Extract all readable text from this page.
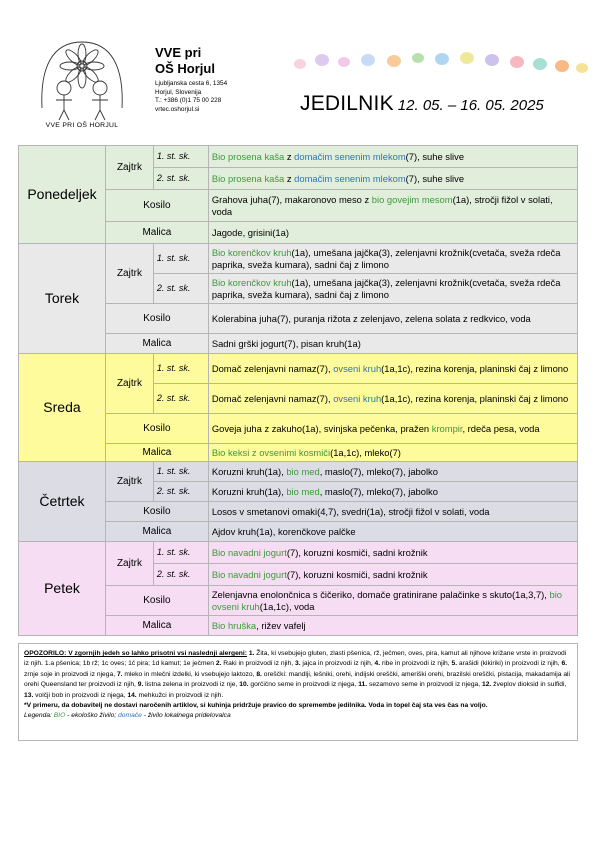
VVE PRI OŠ HORJUL
VVE pri
OŠ Horjul
Ljubljanska cesta 6, 1354
Horjul, Slovenija
T.: +386 (0)1 75 00 228
vrtec.oshorjul.si	JEDILNIK 12. 05. – 16. 05. 2025
Ponedeljek	Zajtrk	1. st. sk.	Bio prosena kaša z domačim senenim mlekom(7), suhe slive
		2. st. sk.	Bio prosena kaša z domačim senenim mlekom(7), suhe slive
	Kosilo		Grahova juha(7), makaronovo meso z bio govejim mesom(1a), stročji fižol v solati, voda
	Malica		Jagode, grisini(1a)
Torek	Zajtrk	1. st. sk.	Bio korenčkov kruh(1a), umešana jajčka(3), zelenjavni krožnik(cvetača, sveža rdeča paprika, sveža kumara), sadni čaj z limono
		2. st. sk.	Bio korenčkov kruh(1a), umešana jajčka(3), zelenjavni krožnik(cvetača, sveža rdeča paprika, sveža kumara), sadni čaj z limono
	Kosilo		Kolerabina juha(7), puranja rižota z zelenjavo, zelena solata z redkvico, voda
	Malica		Sadni grški jogurt(7), pisan kruh(1a)
Sreda	Zajtrk	1. st. sk.	Domač zelenjavni namaz(7), ovseni kruh(1a,1c), rezina korenja, planinski čaj z limono
		2. st. sk.	Domač zelenjavni namaz(7), ovseni kruh(1a,1c), rezina korenja, planinski čaj z limono
	Kosilo		Goveja juha z zakuho(1a), svinjska pečenka, pražen krompir, rdeča pesa, voda
	Malica		Bio keksi z ovsenimi kosmiči(1a,1c), mleko(7)
Četrtek	Zajtrk	1. st. sk.	Koruzni kruh(1a), bio med, maslo(7), mleko(7), jabolko
		2. st. sk.	Koruzni kruh(1a), bio med, maslo(7), mleko(7), jabolko
	Kosilo		Losos v smetanovi omaki(4,7), svedri(1a), stročji fižol v solati, voda
	Malica		Ajdov kruh(1a), korenčkove palčke
Petek	Zajtrk	1. st. sk.	Bio navadni jogurt(7), koruzni kosmiči, sadni krožnik
		2. st. sk.	Bio navadni jogurt(7), koruzni kosmiči, sadni krožnik
	Kosilo		Zelenjavna enolončnica s čičeriko, domače gratinirane palačinke s skuto(1a,3,7), bio ovseni kruh(1a,1c), voda
	Malica		Bio hruška, rižev vafelj
OPOZORILO: V zgornjih jedeh so lahko prisotni vsi naslednji alergeni: 1. Žita, ki vsebujejo gluten, zlasti pšenica, rž, ječmen, oves, pira, kamut ali njihove križane vrste in proizvodi iz njih. 1.a pšenica; 1b rž; 1c oves; 1č pira; 1d kamut; 1e ječmen 2. Raki in proizvodi iz njih, 3. jajca in proizvodi iz njih, 4. ribe in proizvodi iz njih, 5. arašidi (kikiriki) in proizvodi iz njih, 6. zrnje soje in proizvodi iz njega, 7. mleko in mlečni izdelki, ki vsebujejo laktozo, 8. oreščki: mandlji, lešniki, orehi, indijski oreščki, ameriški orehi, brazilski oreščki, pistacija, makadamija ali orehi Queensland ter proizvodi iz njih, 9. listna zelena in proizvodi iz nje, 10. gorčično seme in proizvodi iz njega, 11. sezamovo seme in proizvodi iz njega, 12. žveplov dioksid in sulfidi, 13. volčji bob in proizvodi iz njega, 14. mehkužci in proizvodi iz njih.
*V primeru, da dobavitelj ne dostavi naročenih artiklov, si kuhinja pridržuje pravico do spremembe jedilnika. Voda in topel čaj sta ves čas na voljo.
Legenda: BIO - ekološko živilo; domače - živilo lokalnega pridelovalca
